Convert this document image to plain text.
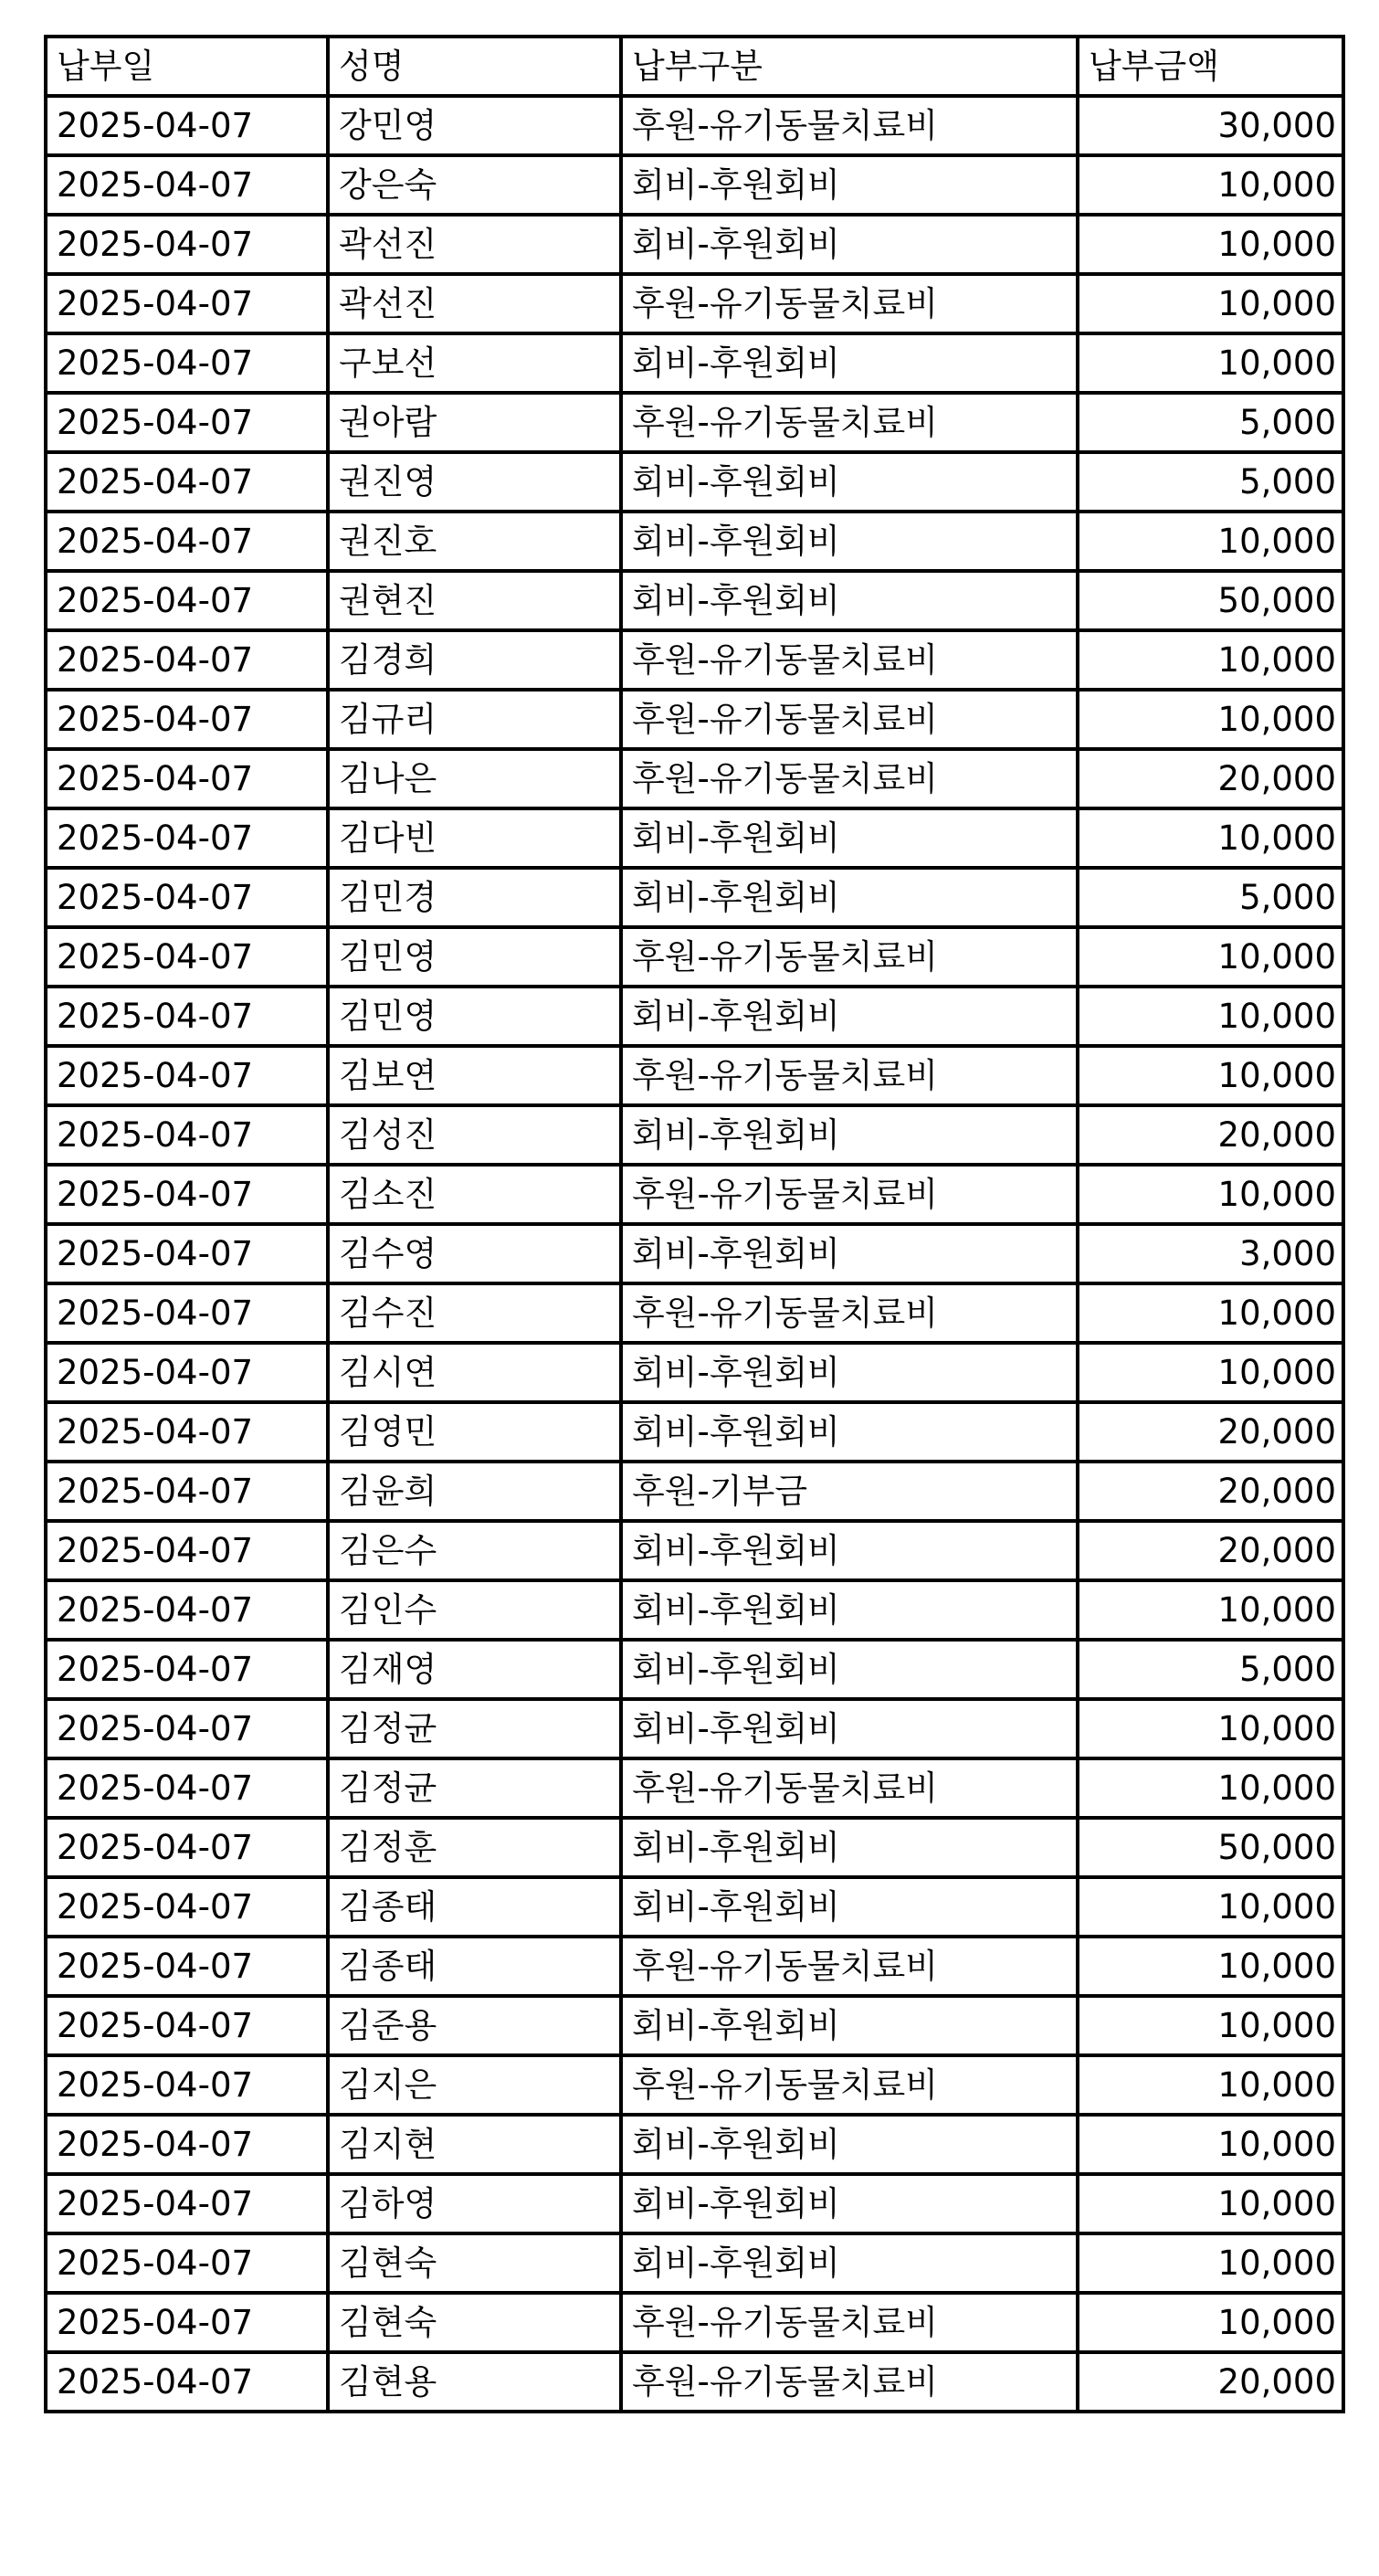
납부일	성명	납부구분	납부금액
2025-04-07	강민영	후원-유기동물치료비	30,000
2025-04-07	강은숙	회비-후원회비	10,000
2025-04-07	곽선진	회비-후원회비	10,000
2025-04-07	곽선진	후원-유기동물치료비	10,000
2025-04-07	구보선	회비-후원회비	10,000
2025-04-07	권아람	후원-유기동물치료비	5,000
2025-04-07	권진영	회비-후원회비	5,000
2025-04-07	권진호	회비-후원회비	10,000
2025-04-07	권현진	회비-후원회비	50,000
2025-04-07	김경희	후원-유기동물치료비	10,000
2025-04-07	김규리	후원-유기동물치료비	10,000
2025-04-07	김나은	후원-유기동물치료비	20,000
2025-04-07	김다빈	회비-후원회비	10,000
2025-04-07	김민경	회비-후원회비	5,000
2025-04-07	김민영	후원-유기동물치료비	10,000
2025-04-07	김민영	회비-후원회비	10,000
2025-04-07	김보연	후원-유기동물치료비	10,000
2025-04-07	김성진	회비-후원회비	20,000
2025-04-07	김소진	후원-유기동물치료비	10,000
2025-04-07	김수영	회비-후원회비	3,000
2025-04-07	김수진	후원-유기동물치료비	10,000
2025-04-07	김시연	회비-후원회비	10,000
2025-04-07	김영민	회비-후원회비	20,000
2025-04-07	김윤희	후원-기부금	20,000
2025-04-07	김은수	회비-후원회비	20,000
2025-04-07	김인수	회비-후원회비	10,000
2025-04-07	김재영	회비-후원회비	5,000
2025-04-07	김정균	회비-후원회비	10,000
2025-04-07	김정균	후원-유기동물치료비	10,000
2025-04-07	김정훈	회비-후원회비	50,000
2025-04-07	김종태	회비-후원회비	10,000
2025-04-07	김종태	후원-유기동물치료비	10,000
2025-04-07	김준용	회비-후원회비	10,000
2025-04-07	김지은	후원-유기동물치료비	10,000
2025-04-07	김지현	회비-후원회비	10,000
2025-04-07	김하영	회비-후원회비	10,000
2025-04-07	김현숙	회비-후원회비	10,000
2025-04-07	김현숙	후원-유기동물치료비	10,000
2025-04-07	김현용	후원-유기동물치료비	20,000
